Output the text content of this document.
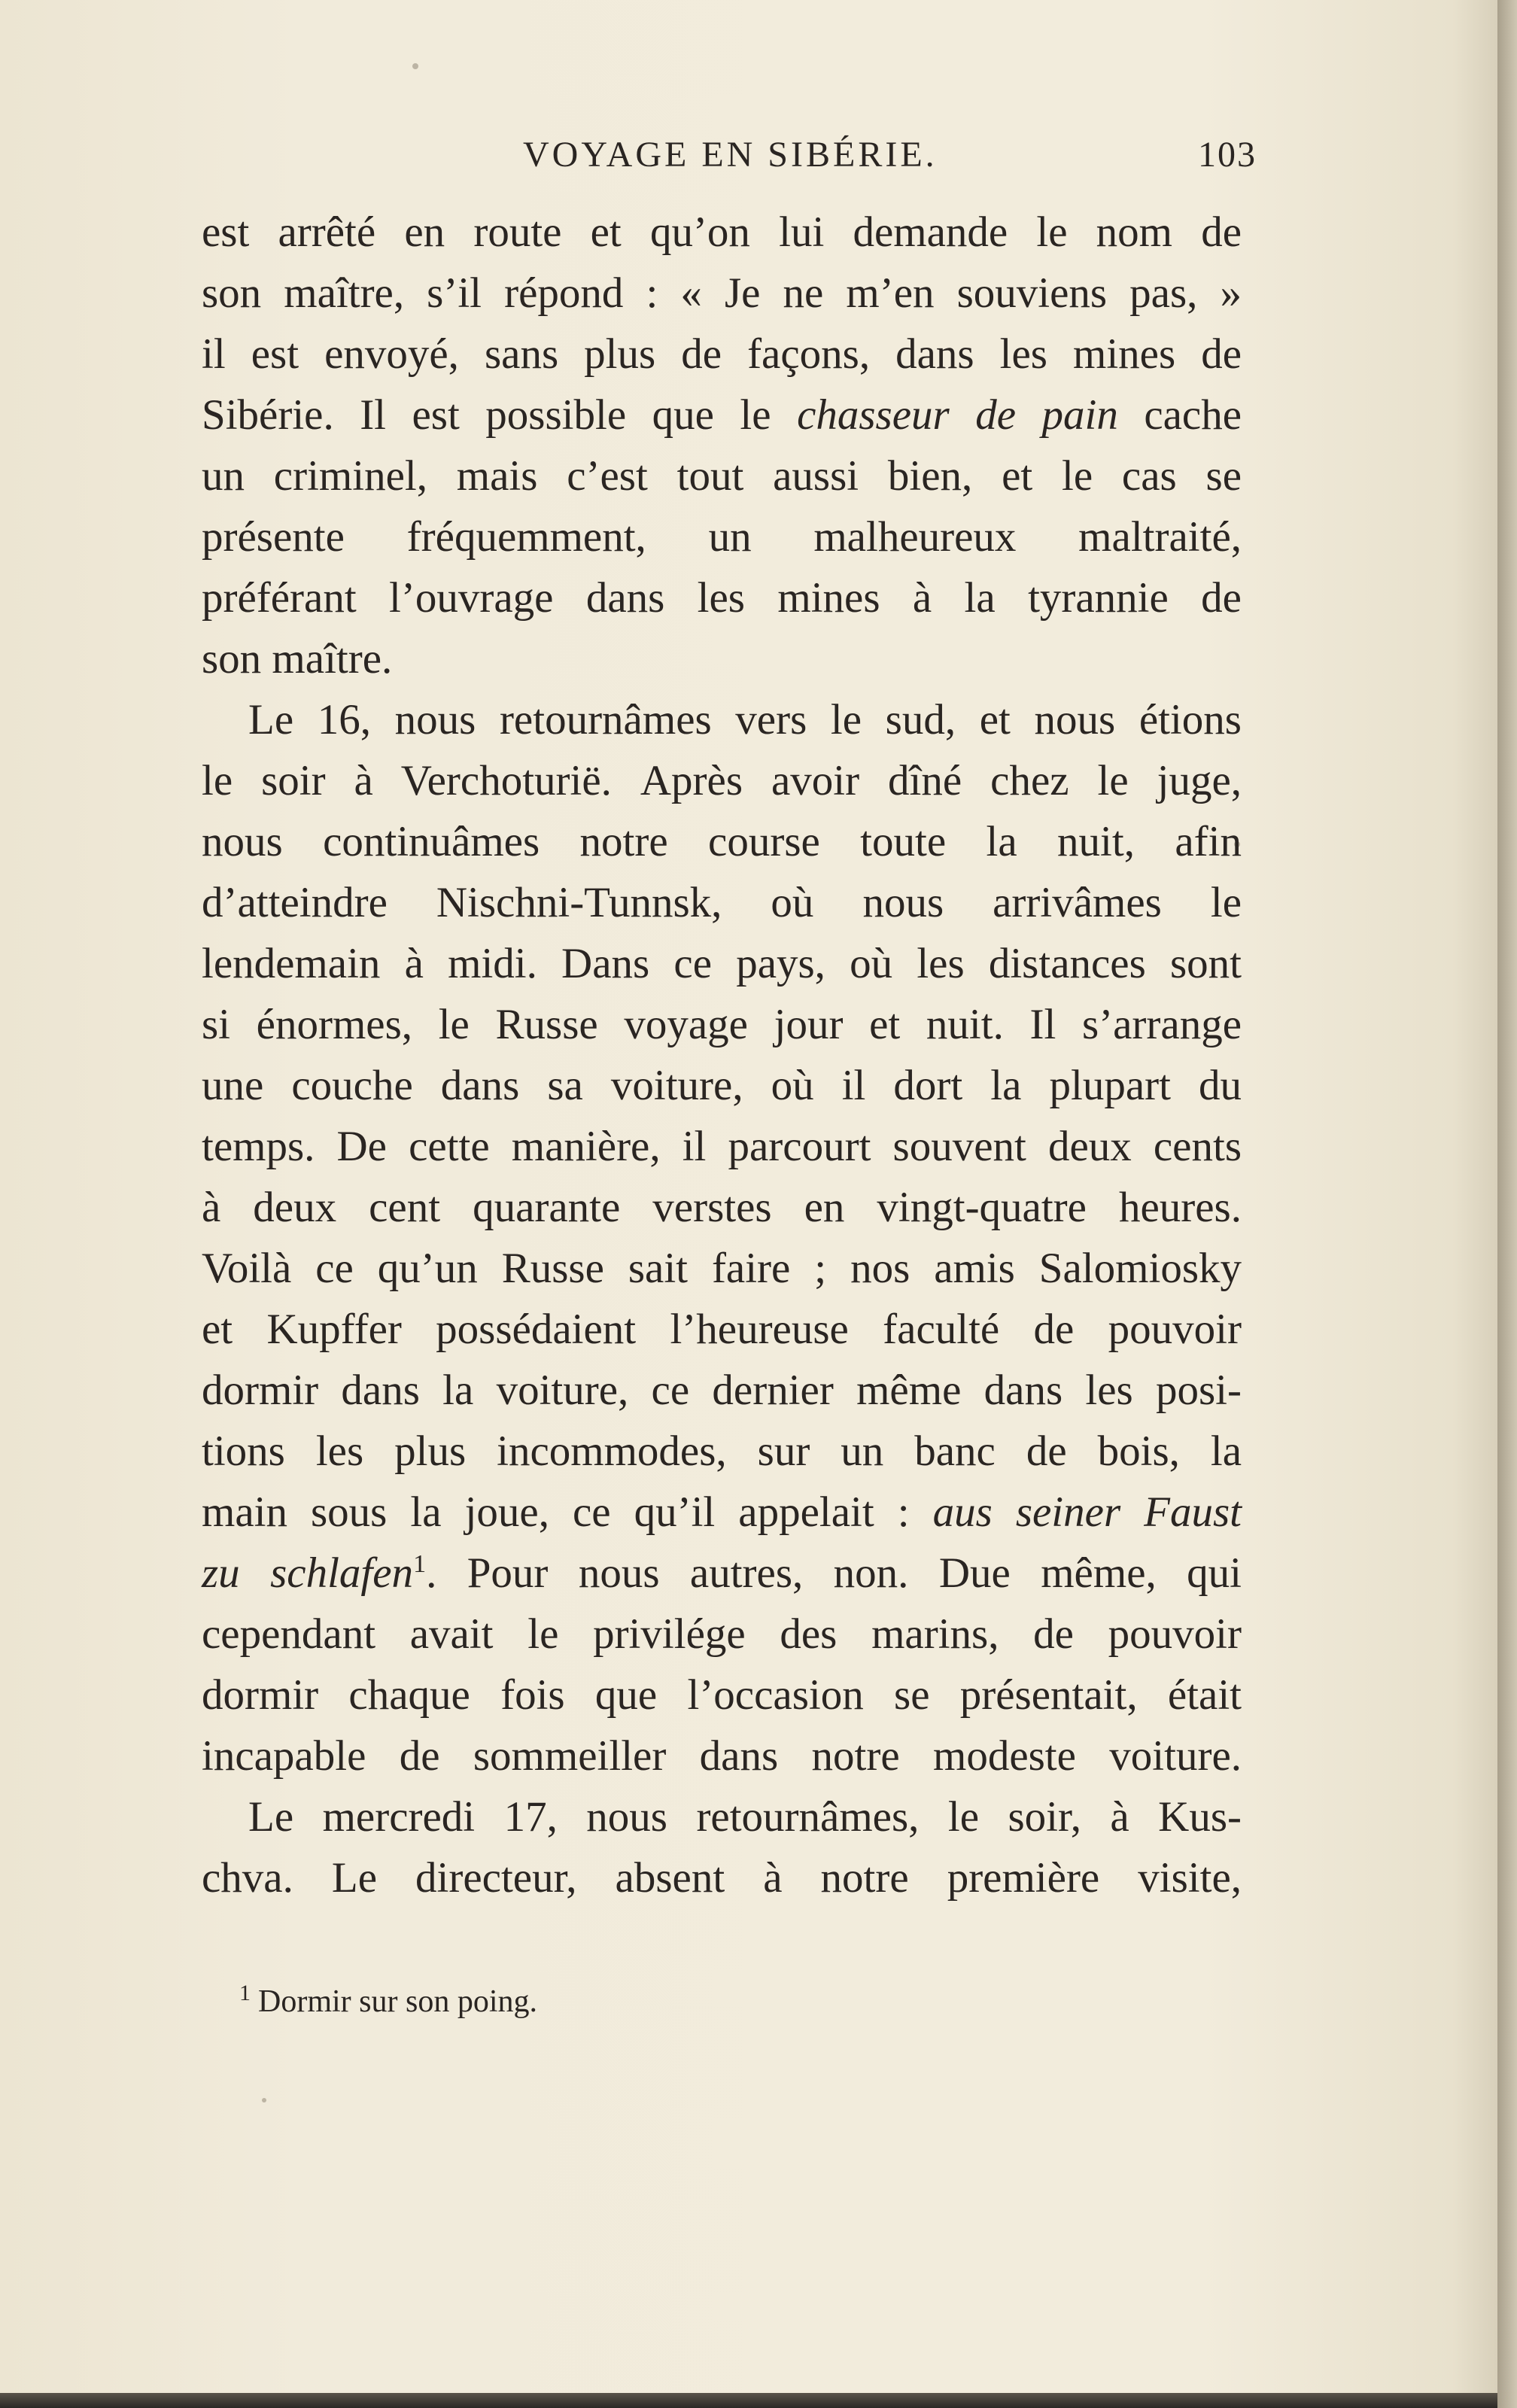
VOYAGE EN SIBÉRIE.	103
est arrêté en route et qu’on lui demande le nom de
son maître, s’il répond : « Je ne m’en souviens pas, »
il est envoyé, sans plus de façons, dans les mines de
Sibérie. Il est possible que le chasseur de pain cache
un criminel, mais c’est tout aussi bien, et le cas se
présente fréquemment, un malheureux maltraité,
préférant l’ouvrage dans les mines à la tyrannie de
son maître.
Le 16, nous retournâmes vers le sud, et nous étions
le soir à Verchoturiё. Après avoir dîné chez le juge,
nous continuâmes notre course toute la nuit, afin
d’atteindre Nischni-Tunnsk, où nous arrivâmes le
lendemain à midi. Dans ce pays, où les distances sont
si énormes, le Russe voyage jour et nuit. Il s’arrange
une couche dans sa voiture, où il dort la plupart du
temps. De cette manière, il parcourt souvent deux cents
à deux cent quarante verstes en vingt-quatre heures.
Voilà ce qu’un Russe sait faire ; nos amis Salomiosky
et Kupffer possédaient l’heureuse faculté de pouvoir
dormir dans la voiture, ce dernier même dans les posi-
tions les plus incommodes, sur un banc de bois, la
main sous la joue, ce qu’il appelait : aus seiner Faust
zu schlafen$^1$. Pour nous autres, non. Due même, qui
cependant avait le privilége des marins, de pouvoir
dormir chaque fois que l’occasion se présentait, était
incapable de sommeiller dans notre modeste voiture.
Le mercredi 17, nous retournâmes, le soir, à Kus-
chva. Le directeur, absent à notre première visite,
$^1$ Dormir sur son poing.
